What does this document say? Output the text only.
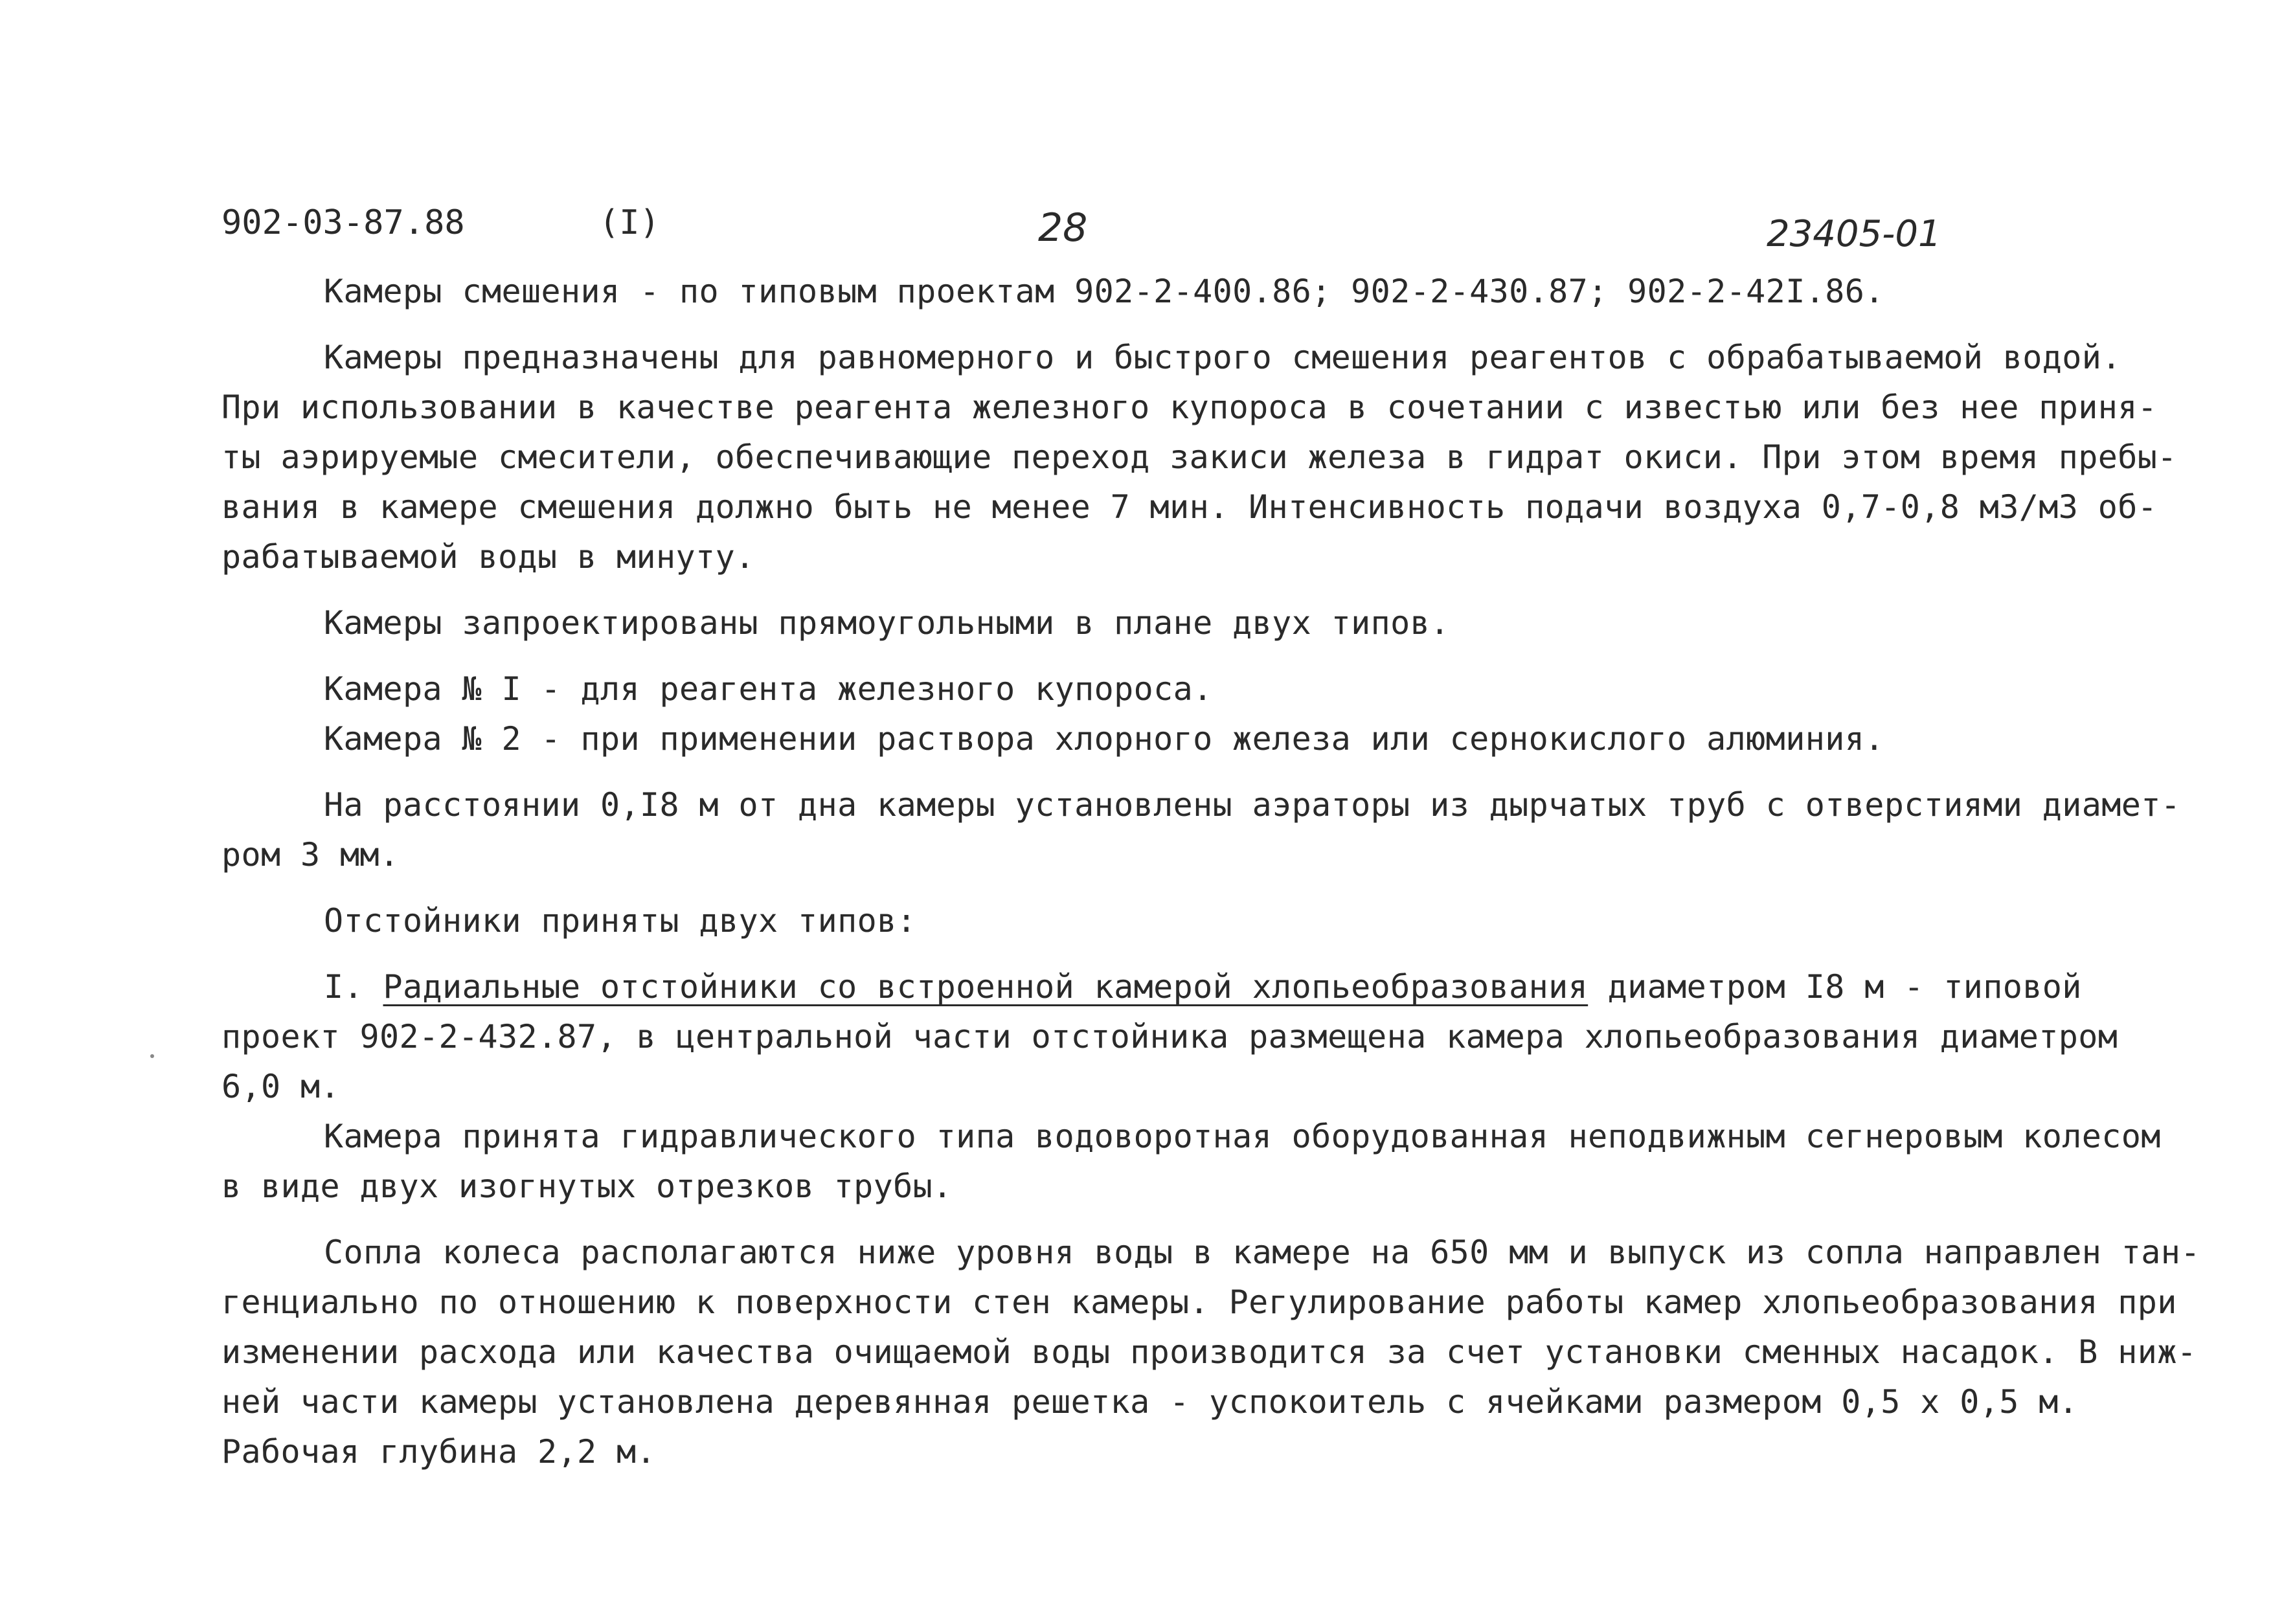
902-03-87.88	(I)	28	23405-01
Камеры смешения - по типовым проектам 902-2-400.86; 902-2-430.87; 902-2-42I.86.
Камеры предназначены для равномерного и быстрого смешения реагентов с обрабатываемой водой.
При использовании в качестве реагента железного купороса в сочетании с известью или без нее приня-
ты аэрируемые смесители, обеспечивающие переход закиси железа в гидрат окиси. При этом время пребы-
вания в камере смешения должно быть не менее 7 мин. Интенсивность подачи воздуха 0,7-0,8 м3/м3 об-
рабатываемой воды в минуту.
Камеры запроектированы прямоугольными в плане двух типов.
Камера № I - для реагента железного купороса.
Камера № 2 - при применении раствора хлорного железа или сернокислого алюминия.
На расстоянии 0,I8 м от дна камеры установлены аэраторы из дырчатых труб с отверстиями диамет-
ром 3 мм.
Отстойники приняты двух типов:
I. Радиальные отстойники со встроенной камерой хлопьеобразования диаметром I8 м - типовой
проект 902-2-432.87, в центральной части отстойника размещена камера хлопьеобразования диаметром
6,0 м.
Камера принята гидравлического типа водоворотная оборудованная неподвижным сегнеровым колесом
в виде двух изогнутых отрезков трубы.
Сопла колеса располагаются ниже уровня воды в камере на 650 мм и выпуск из сопла направлен тан-
генциально по отношению к поверхности стен камеры. Регулирование работы камер хлопьеобразования при
изменении расхода или качества очищаемой воды производится за счет установки сменных насадок. В ниж-
ней части камеры установлена деревянная решетка - успокоитель с ячейками размером 0,5 х 0,5 м.
Рабочая глубина 2,2 м.
